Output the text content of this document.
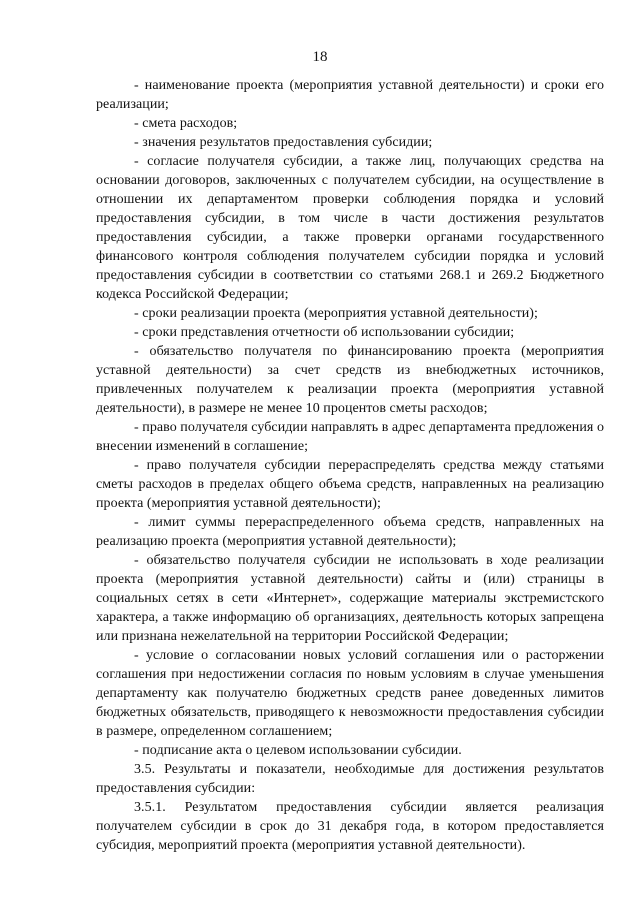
18

- наименование проекта (мероприятия уставной деятельности) и сроки его реализации;

- смета расходов;

- значения результатов предоставления субсидии;

- согласие получателя субсидии, а также лиц, получающих средства на основании договоров, заключенных с получателем субсидии, на осуществление в отношении их департаментом проверки соблюдения порядка и условий предоставления субсидии, в том числе в части достижения результатов предоставления субсидии, а также проверки органами государственного финансового контроля соблюдения получателем субсидии порядка и условий предоставления субсидии в соответствии со статьями 268.1 и 269.2 Бюджетного кодекса Российской Федерации;

- сроки реализации проекта (мероприятия уставной деятельности);

- сроки представления отчетности об использовании субсидии;

- обязательство получателя по финансированию проекта (мероприятия уставной деятельности) за счет средств из внебюджетных источников, привлеченных получателем к реализации проекта (мероприятия уставной деятельности), в размере не менее 10 процентов сметы расходов;

- право получателя субсидии направлять в адрес департамента предложения о внесении изменений в соглашение;

- право получателя субсидии перераспределять средства между статьями сметы расходов в пределах общего объема средств, направленных на реализацию проекта (мероприятия уставной деятельности);

- лимит суммы перераспределенного объема средств, направленных на реализацию проекта (мероприятия уставной деятельности);

- обязательство получателя субсидии не использовать в ходе реализации проекта (мероприятия уставной деятельности) сайты и (или) страницы в социальных сетях в сети «Интернет», содержащие материалы экстремистского характера, а также информацию об организациях, деятельность которых запрещена или признана нежелательной на территории Российской Федерации;

- условие о согласовании новых условий соглашения или о расторжении соглашения при недостижении согласия по новым условиям в случае уменьшения департаменту как получателю бюджетных средств ранее доведенных лимитов бюджетных обязательств, приводящего к невозможности предоставления субсидии в размере, определенном соглашением;

- подписание акта о целевом использовании субсидии.

3.5. Результаты и показатели, необходимые для достижения результатов предоставления субсидии:

3.5.1. Результатом предоставления субсидии является реализация получателем субсидии в срок до 31 декабря года, в котором предоставляется субсидия, мероприятий проекта (мероприятия уставной деятельности).
